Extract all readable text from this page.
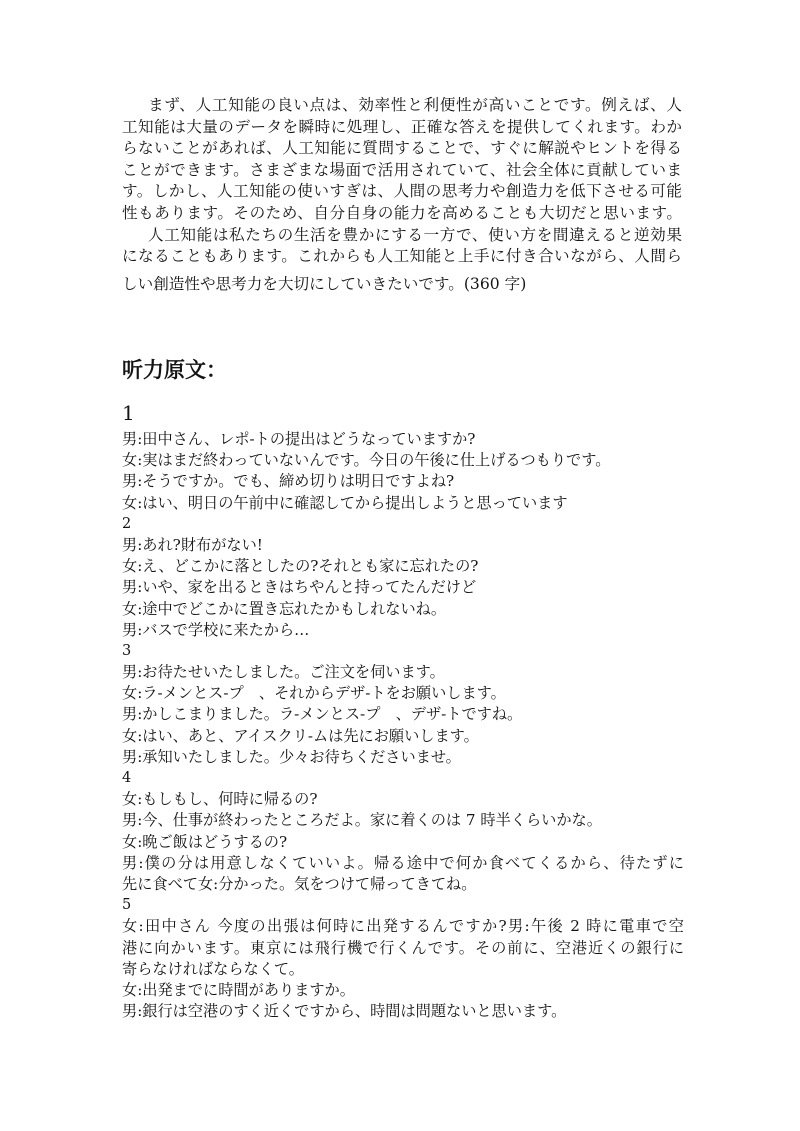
まず、人工知能の良い点は、効率性と利便性が高いことです。例えば、人
工知能は大量のデータを瞬時に処理し、正確な答えを提供してくれます。わか
らないことがあれば、人工知能に質問することで、すぐに解説やヒントを得る
ことができます。さまざまな場面で活用されていて、社会全体に貢献していま
す。しかし、人工知能の使いすぎは、人間の思考力や創造力を低下させる可能
性もあります。そのため、自分自身の能力を高めることも大切だと思います。
人工知能は私たちの生活を豊かにする一方で、使い方を間違えると逆効果
になることもあります。これからも人工知能と上手に付き合いながら、人間ら
しい創造性や思考力を大切にしていきたいです。(360 字)
听力原文：
1
男:田中さん、レポ-トの提出はどうなっていますか?
女:実はまだ終わっていないんです。今日の午後に仕上げるつもりです。
男:そうですか。でも、締め切りは明日ですよね?
女:はい、明日の午前中に確認してから提出しようと思っています
2
男:あれ?財布がない!
女:え、どこかに落としたの?それとも家に忘れたの?
男:いや、家を出るときはちやんと持ってたんだけど
女:途中でどこかに置き忘れたかもしれないね。
男:バスで学校に来たから…
3
男:お待たせいたしました。ご注文を伺います。
女:ラ-メンとス-プ　、それからデザ-トをお願いします。
男:かしこまりました。ラ-メンとス-プ　、デザ-トですね。
女:はい、あと、アイスクリ-ムは先にお願いします。
男:承知いたしました。少々お待ちくださいませ。
4
女:もしもし、何時に帰るの?
男:今、仕事が終わったところだよ。家に着くのは 7 時半くらいかな。
女:晩ご飯はどうするの?
男:僕の分は用意しなくていいよ。帰る途中で何か食べてくるから、待たずに
先に食べて女:分かった。気をつけて帰ってきてね。
5
女:田中さん 今度の出張は何時に出発するんですか?男:午後 2 時に電車で空
港に向かいます。東京には飛行機で行くんです。その前に、空港近くの銀行に
寄らなければならなくて。
女:出発までに時間がありますか。
男:銀行は空港のすく近くですから、時間は問題ないと思います。
